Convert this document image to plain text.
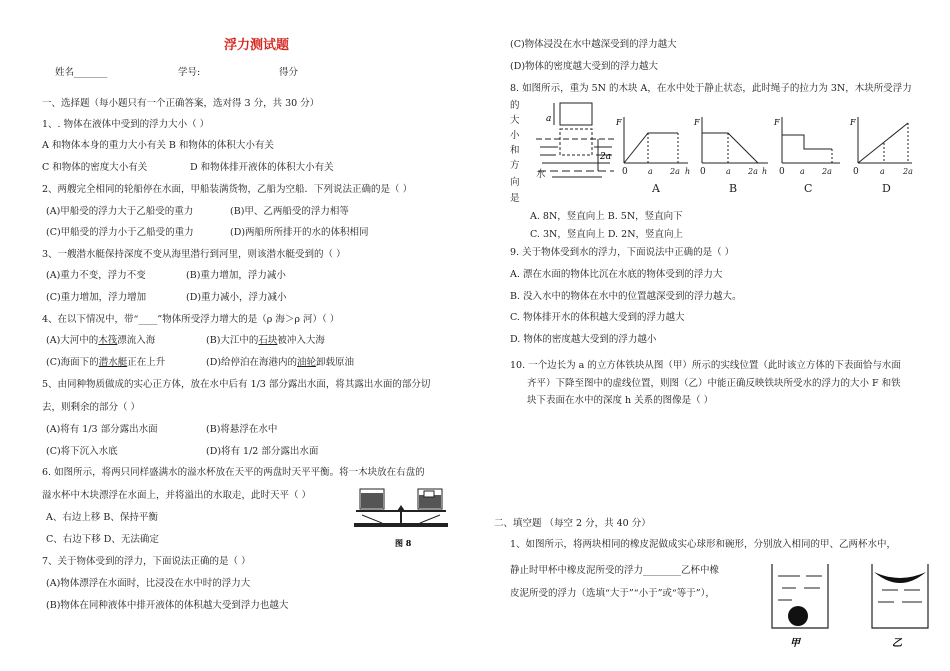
浮力测试题
姓名_______	学号:	得分
一、选择题（每小题只有一个正确答案，选对得 3 分，共 30 分）
1、. 物体在液体中受到的浮力大小（ ）
A 和物体本身的重力大小有关 B 和物体的体积大小有关
C 和物体的密度大小有关	D 和物体排开液体的体积大小有关
2、两艘完全相同的轮船停在水面，甲船装满货物，乙船为空船．下列说法正确的是（ ）
(A)甲船受的浮力大于乙船受的重力	(B)甲、乙两船受的浮力相等
(C)甲船受的浮力小于乙船受的重力	(D)两船所所排开的水的体积相同
3、一艘潜水艇保持深度不变从海里潜行到河里，则该潜水艇受到的（ ）
(A)重力不变，浮力不变	(B)重力增加，浮力减小
(C)重力增加，浮力增加	(D)重力减小，浮力减小
4、在以下情况中，带“____”物体所受浮力增大的是（ρ 海＞ρ 河）（ ）
(A)大河中的木筏漂流入海	(B)大江中的石块被冲入大海
(C)海面下的潜水艇正在上升	(D)给停泊在海港内的油轮卸载原油
5、由同种物质做成的实心正方体，放在水中后有 1/3 部分露出水面，将其露出水面的部分切
去，则剩余的部分（ ）
(A)将有 1/3 部分露出水面	(B)将悬浮在水中
(C)将下沉入水底	(D)将有 1/2 部分露出水面
6. 如图所示，将两只同样盛满水的溢水杯放在天平的两盘时天平平衡。将一木块放在右盘的
溢水杯中木块漂浮在水面上，并将溢出的水取走，此时天平（ ）
A、右边上移 B、保持平衡
C、右边下移 D、无法确定	图 8
7、关于物体受到的浮力，下面说法正确的是（ ）
(A)物体漂浮在水面时，比浸没在水中时的浮力大
(B)物体在同种液体中排开液体的体积越大受到浮力也越大
(C)物体浸没在水中越深受到的浮力越大
(D)物体的密度越大受到的浮力越大
8. 如图所示，重为 5N 的木块 A，在水中处于静止状态，此时绳子的拉力为 3N，木块所受浮力
的
大
小
和
方
向
是
a
2a
水
F	F	F	F
0	a 2a h 0	a 2a h 0 a 2a 0	a 2a
A	B	C	D
A. 8N，竖直向上 B. 5N，竖直向下
C. 3N，竖直向上 D. 2N，竖直向上
9. 关于物体受到水的浮力，下面说法中正确的是（ ）
A. 漂在水面的物体比沉在水底的物体受到的浮力大
B. 没入水中的物体在水中的位置越深受到的浮力越大。
C. 物体排开水的体积越大受到的浮力越大
D. 物体的密度越大受到的浮力越小
10. 一个边长为 a 的立方体铁块从图（甲）所示的实线位置（此时该立方体的下表面恰与水面
齐平）下降至图中的虚线位置，则图（乙）中能正确反映铁块所受水的浮力的大小 F 和铁
块下表面在水中的深度 h 关系的图像是（ ）
二、填空题 （每空 2 分，共 40 分）
1、如图所示，将两块相同的橡皮泥做成实心球形和碗形，分别放入相同的甲、乙两杯水中，
静止时甲杯中橡皮泥所受的浮力________乙杯中橡
皮泥所受的浮力（选填“大于”“小于”或“等于”），
甲	乙
